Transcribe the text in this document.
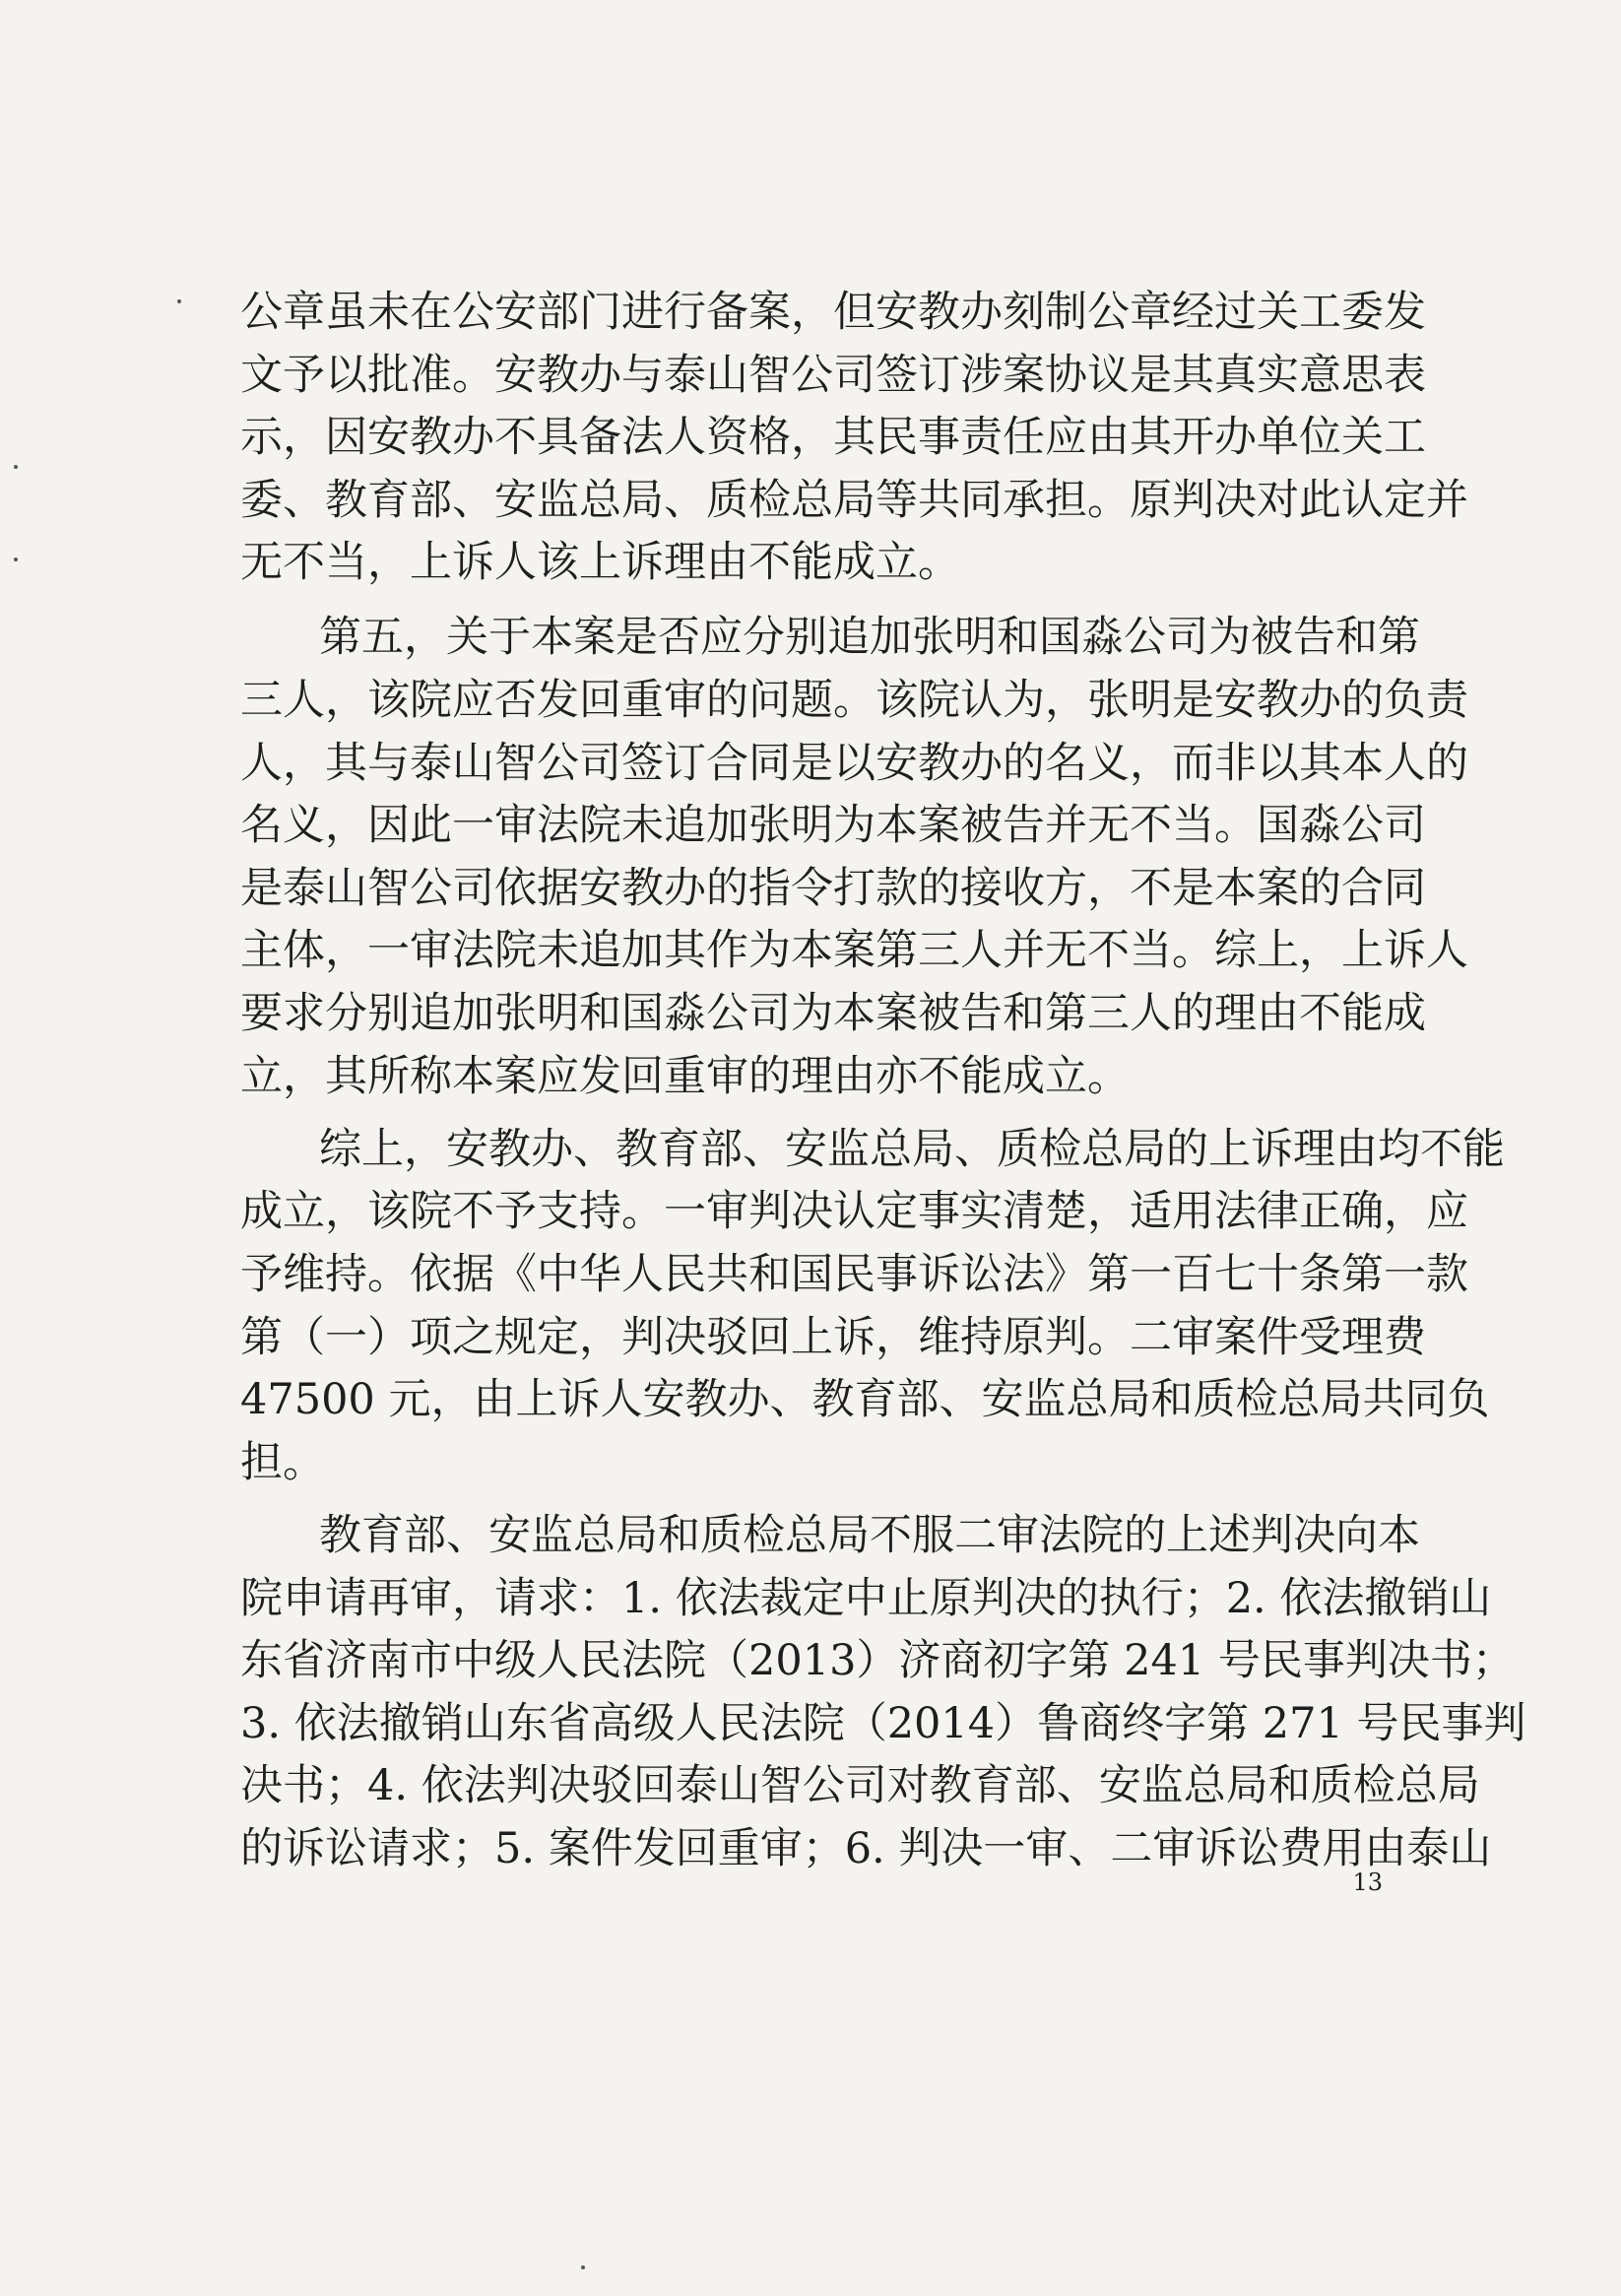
公章虽未在公安部门进行备案，但安教办刻制公章经过关工委发
文予以批准。安教办与泰山智公司签订涉案协议是其真实意思表
示，因安教办不具备法人资格，其民事责任应由其开办单位关工
委、教育部、安监总局、质检总局等共同承担。原判决对此认定并
无不当，上诉人该上诉理由不能成立。
第五，关于本案是否应分别追加张明和国淼公司为被告和第
三人，该院应否发回重审的问题。该院认为，张明是安教办的负责
人，其与泰山智公司签订合同是以安教办的名义，而非以其本人的
名义，因此一审法院未追加张明为本案被告并无不当。国淼公司
是泰山智公司依据安教办的指令打款的接收方，不是本案的合同
主体，一审法院未追加其作为本案第三人并无不当。综上，上诉人
要求分别追加张明和国淼公司为本案被告和第三人的理由不能成
立，其所称本案应发回重审的理由亦不能成立。
综上，安教办、教育部、安监总局、质检总局的上诉理由均不能
成立，该院不予支持。一审判决认定事实清楚，适用法律正确，应
予维持。依据《中华人民共和国民事诉讼法》第一百七十条第一款
第（一）项之规定，判决驳回上诉，维持原判。二审案件受理费
47500 元，由上诉人安教办、教育部、安监总局和质检总局共同负
担。
教育部、安监总局和质检总局不服二审法院的上述判决向本
院申请再审，请求：1. 依法裁定中止原判决的执行；2. 依法撤销山
东省济南市中级人民法院（2013）济商初字第 241 号民事判决书；
3. 依法撤销山东省高级人民法院（2014）鲁商终字第 271 号民事判
决书；4. 依法判决驳回泰山智公司对教育部、安监总局和质检总局
的诉讼请求；5. 案件发回重审；6. 判决一审、二审诉讼费用由泰山
13
